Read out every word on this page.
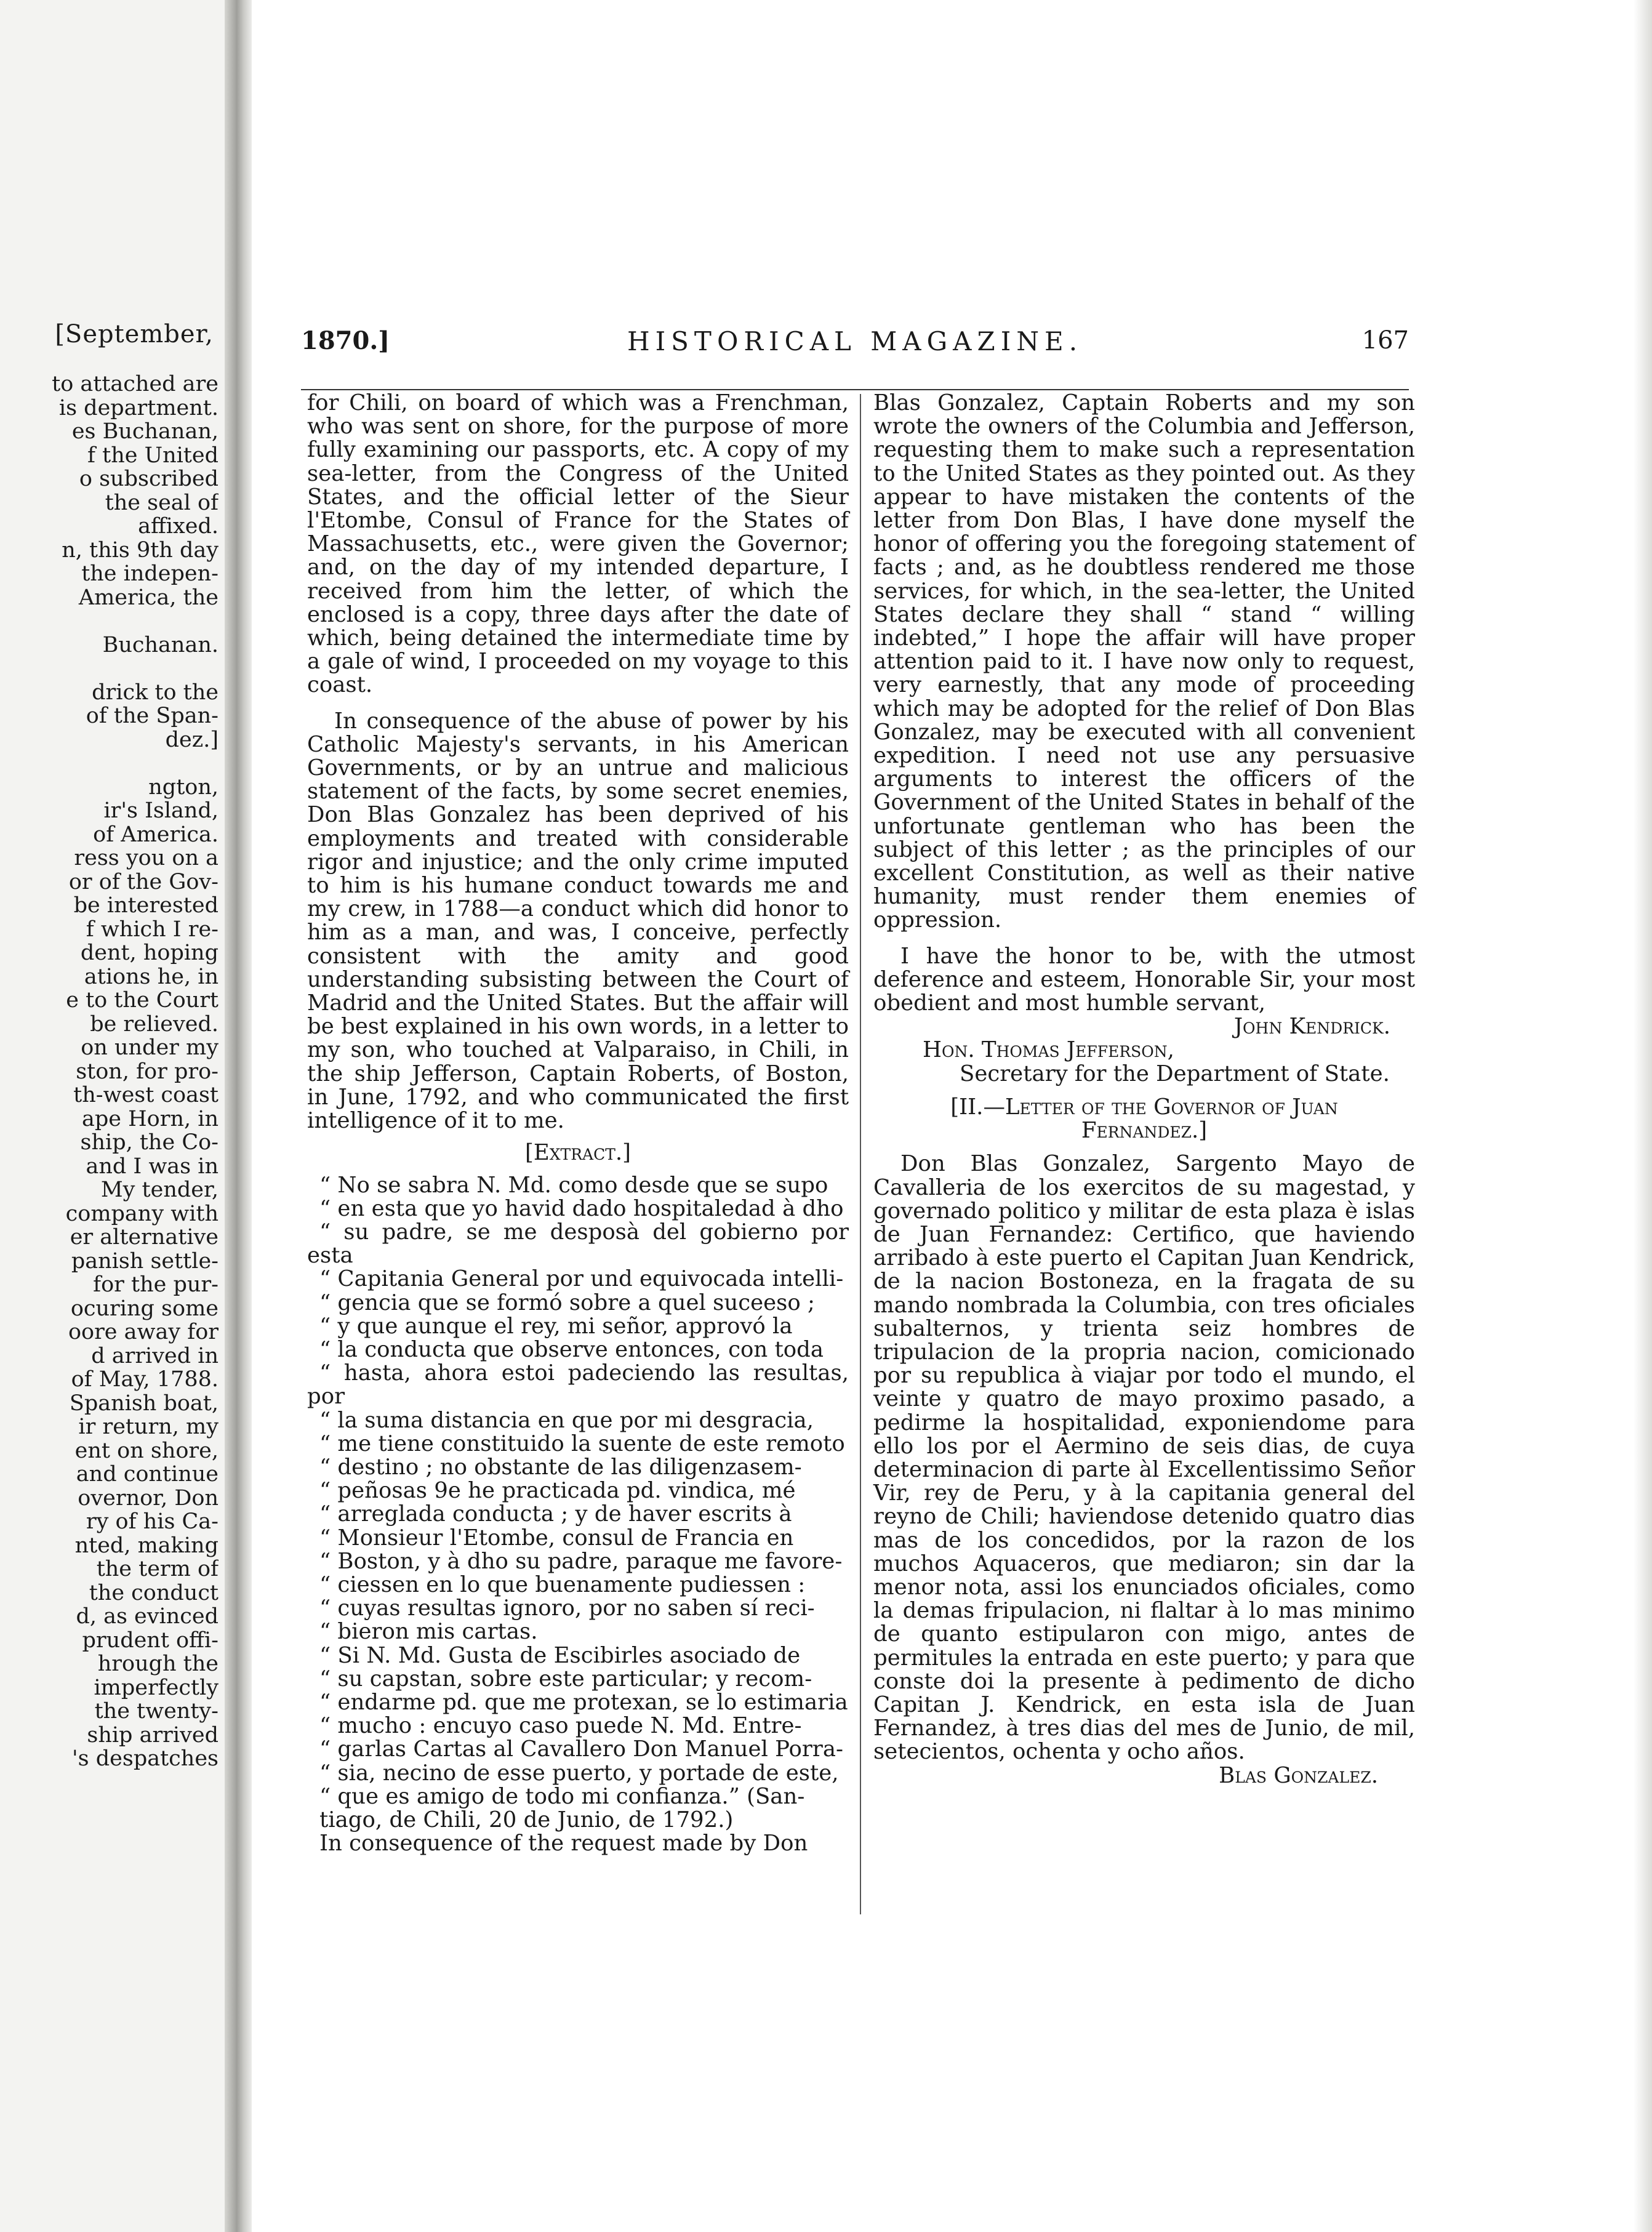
[September,
to attached are
is department.
es Buchanan,
f the United
o subscribed
the seal of
affixed.
n, this 9th day
the indepen-
America, the

Buchanan.

drick to the
of the Span-
dez.]

ngton,
ir's Island,
of America.
ress you on a
or of the Gov-
be interested
f which I re-
dent, hoping
ations he, in
e to the Court
be relieved.
on under my
ston, for pro-
th-west coast
ape Horn, in
ship, the Co-
and I was in
My tender,
company with
er alternative
panish settle-
for the pur-
ocuring some
oore away for
d arrived in
of May, 1788.
Spanish boat,
ir return, my
ent on shore,
and continue
overnor, Don
ry of his Ca-
nted, making
the term of
the conduct
d, as evinced
prudent offi-
hrough the
imperfectly
the twenty-
ship arrived
's despatches
1870.]	HISTORICAL MAGAZINE.	167

for Chili, on board of which was a Frenchman, who was sent on shore, for the purpose of more fully examining our passports, etc. A copy of my sea-letter, from the Congress of the United States, and the official letter of the Sieur l'Etombe, Consul of France for the States of Massachusetts, etc., were given the Governor; and, on the day of my intended departure, I received from him the letter, of which the enclosed is a copy, three days after the date of which, being detained the intermediate time by a gale of wind, I proceeded on my voyage to this coast.

In consequence of the abuse of power by his Catholic Majesty's servants, in his American Governments, or by an untrue and malicious statement of the facts, by some secret enemies, Don Blas Gonzalez has been deprived of his employments and treated with considerable rigor and injustice; and the only crime imputed to him is his humane conduct towards me and my crew, in 1788—a conduct which did honor to him as a man, and was, I conceive, perfectly consistent with the amity and good understanding subsisting between the Court of Madrid and the United States. But the affair will be best explained in his own words, in a letter to my son, who touched at Valparaiso, in Chili, in the ship Jefferson, Captain Roberts, of Boston, in June, 1792, and who communicated the first intelligence of it to me.

[Extract.]
“ No se sabra N. Md. como desde que se supo
“ en esta que yo havid dado hospitaledad à dho
“ su padre, se me desposà del gobierno por esta
“ Capitania General por und equivocada intelli-
“ gencia que se formó sobre a quel suceeso ;
“ y que aunque el rey, mi señor, approvó la
“ la conducta que observe entonces, con toda
“ hasta, ahora estoi padeciendo las resultas, por
“ la suma distancia en que por mi desgracia,
“ me tiene constituido la suente de este remoto
“ destino ; no obstante de las diligenzasem-
“ peñosas 9e he practicada pd. vindica, mé
“ arreglada conducta ; y de haver escrits à
“ Monsieur l'Etombe, consul de Francia en
“ Boston, y à dho su padre, paraque me favore-
“ ciessen en lo que buenamente pudiessen :
“ cuyas resultas ignoro, por no saben sí reci-
“ bieron mis cartas.
“ Si N. Md. Gusta de Escibirles asociado de
“ su capstan, sobre este particular; y recom-
“ endarme pd. que me protexan, se lo estimaria
“ mucho : encuyo caso puede N. Md. Entre-
“ garlas Cartas al Cavallero Don Manuel Porra-
“ sia, necino de esse puerto, y portade de este,
“ que es amigo de todo mi confianza.” (San-
tiago, de Chili, 20 de Junio, de 1792.)

In consequence of the request made by Don

Blas Gonzalez, Captain Roberts and my son wrote the owners of the Columbia and Jefferson, requesting them to make such a representation to the United States as they pointed out. As they appear to have mistaken the contents of the letter from Don Blas, I have done myself the honor of offering you the foregoing statement of facts ; and, as he doubtless rendered me those services, for which, in the sea-letter, the United States declare they shall “ stand “ willing indebted,” I hope the affair will have proper attention paid to it. I have now only to request, very earnestly, that any mode of proceeding which may be adopted for the relief of Don Blas Gonzalez, may be executed with all convenient expedition. I need not use any persuasive arguments to interest the officers of the Government of the United States in behalf of the unfortunate gentleman who has been the subject of this letter ; as the principles of our excellent Constitution, as well as their native humanity, must render them enemies of oppression.

I have the honor to be, with the utmost deference and esteem, Honorable Sir, your most obedient and most humble servant,

John Kendrick.
Hon. Thomas Jefferson,
Secretary for the Department of State.
[II.—Letter of the Governor of Juan
Fernandez.]

Don Blas Gonzalez, Sargento Mayo de Cavalleria de los exercitos de su magestad, y governado politico y militar de esta plaza è islas de Juan Fernandez: Certifico, que haviendo arribado à este puerto el Capitan Juan Kendrick, de la nacion Bostoneza, en la fragata de su mando nombrada la Columbia, con tres oficiales subalternos, y trienta seiz hombres de tripulacion de la propria nacion, comicionado por su republica à viajar por todo el mundo, el veinte y quatro de mayo proximo pasado, a pedirme la hospitalidad, exponiendome para ello los por el Aermino de seis dias, de cuya determinacion di parte àl Excellentissimo Señor Vir, rey de Peru, y à la capitania general del reyno de Chili; haviendose detenido quatro dias mas de los concedidos, por la razon de los muchos Aquaceros, que mediaron; sin dar la menor nota, assi los enunciados oficiales, como la demas fripulacion, ni flaltar à lo mas minimo de quanto estipularon con migo, antes de permitules la entrada en este puerto; y para que conste doi la presente à pedimento de dicho Capitan J. Kendrick, en esta isla de Juan Fernandez, à tres dias del mes de Junio, de mil, setecientos, ochenta y ocho años.

Blas Gonzalez.
